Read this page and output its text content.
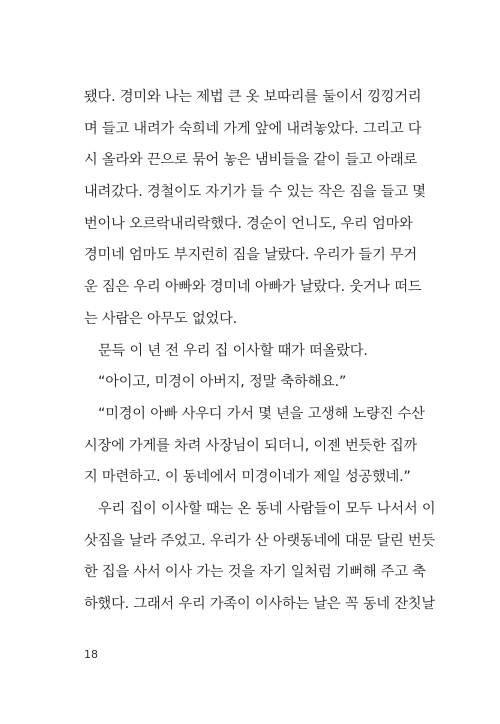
됐다. 경미와 나는 제법 큰 옷 보따리를 둘이서 낑낑거리
며 들고 내려가 숙희네 가게 앞에 내려놓았다. 그리고 다
시 올라와 끈으로 묶어 놓은 냄비들을 같이 들고 아래로
내려갔다. 경철이도 자기가 들 수 있는 작은 짐을 들고 몇
번이나 오르락내리락했다. 경순이 언니도, 우리 엄마와
경미네 엄마도 부지런히 짐을 날랐다. 우리가 들기 무거
운 짐은 우리 아빠와 경미네 아빠가 날랐다. 웃거나 떠드
는 사람은 아무도 없었다.

문득 이 년 전 우리 집 이사할 때가 떠올랐다.

“아이고, 미경이 아버지, 정말 축하해요.”

“미경이 아빠 사우디 가서 몇 년을 고생해 노량진 수산
시장에 가게를 차려 사장님이 되더니, 이젠 번듯한 집까
지 마련하고. 이 동네에서 미경이네가 제일 성공했네.”

우리 집이 이사할 때는 온 동네 사람들이 모두 나서서 이
삿짐을 날라 주었고. 우리가 산 아랫동네에 대문 달린 번듯
한 집을 사서 이사 가는 것을 자기 일처럼 기뻐해 주고 축
하했다. 그래서 우리 가족이 이사하는 날은 꼭 동네 잔칫날

18
